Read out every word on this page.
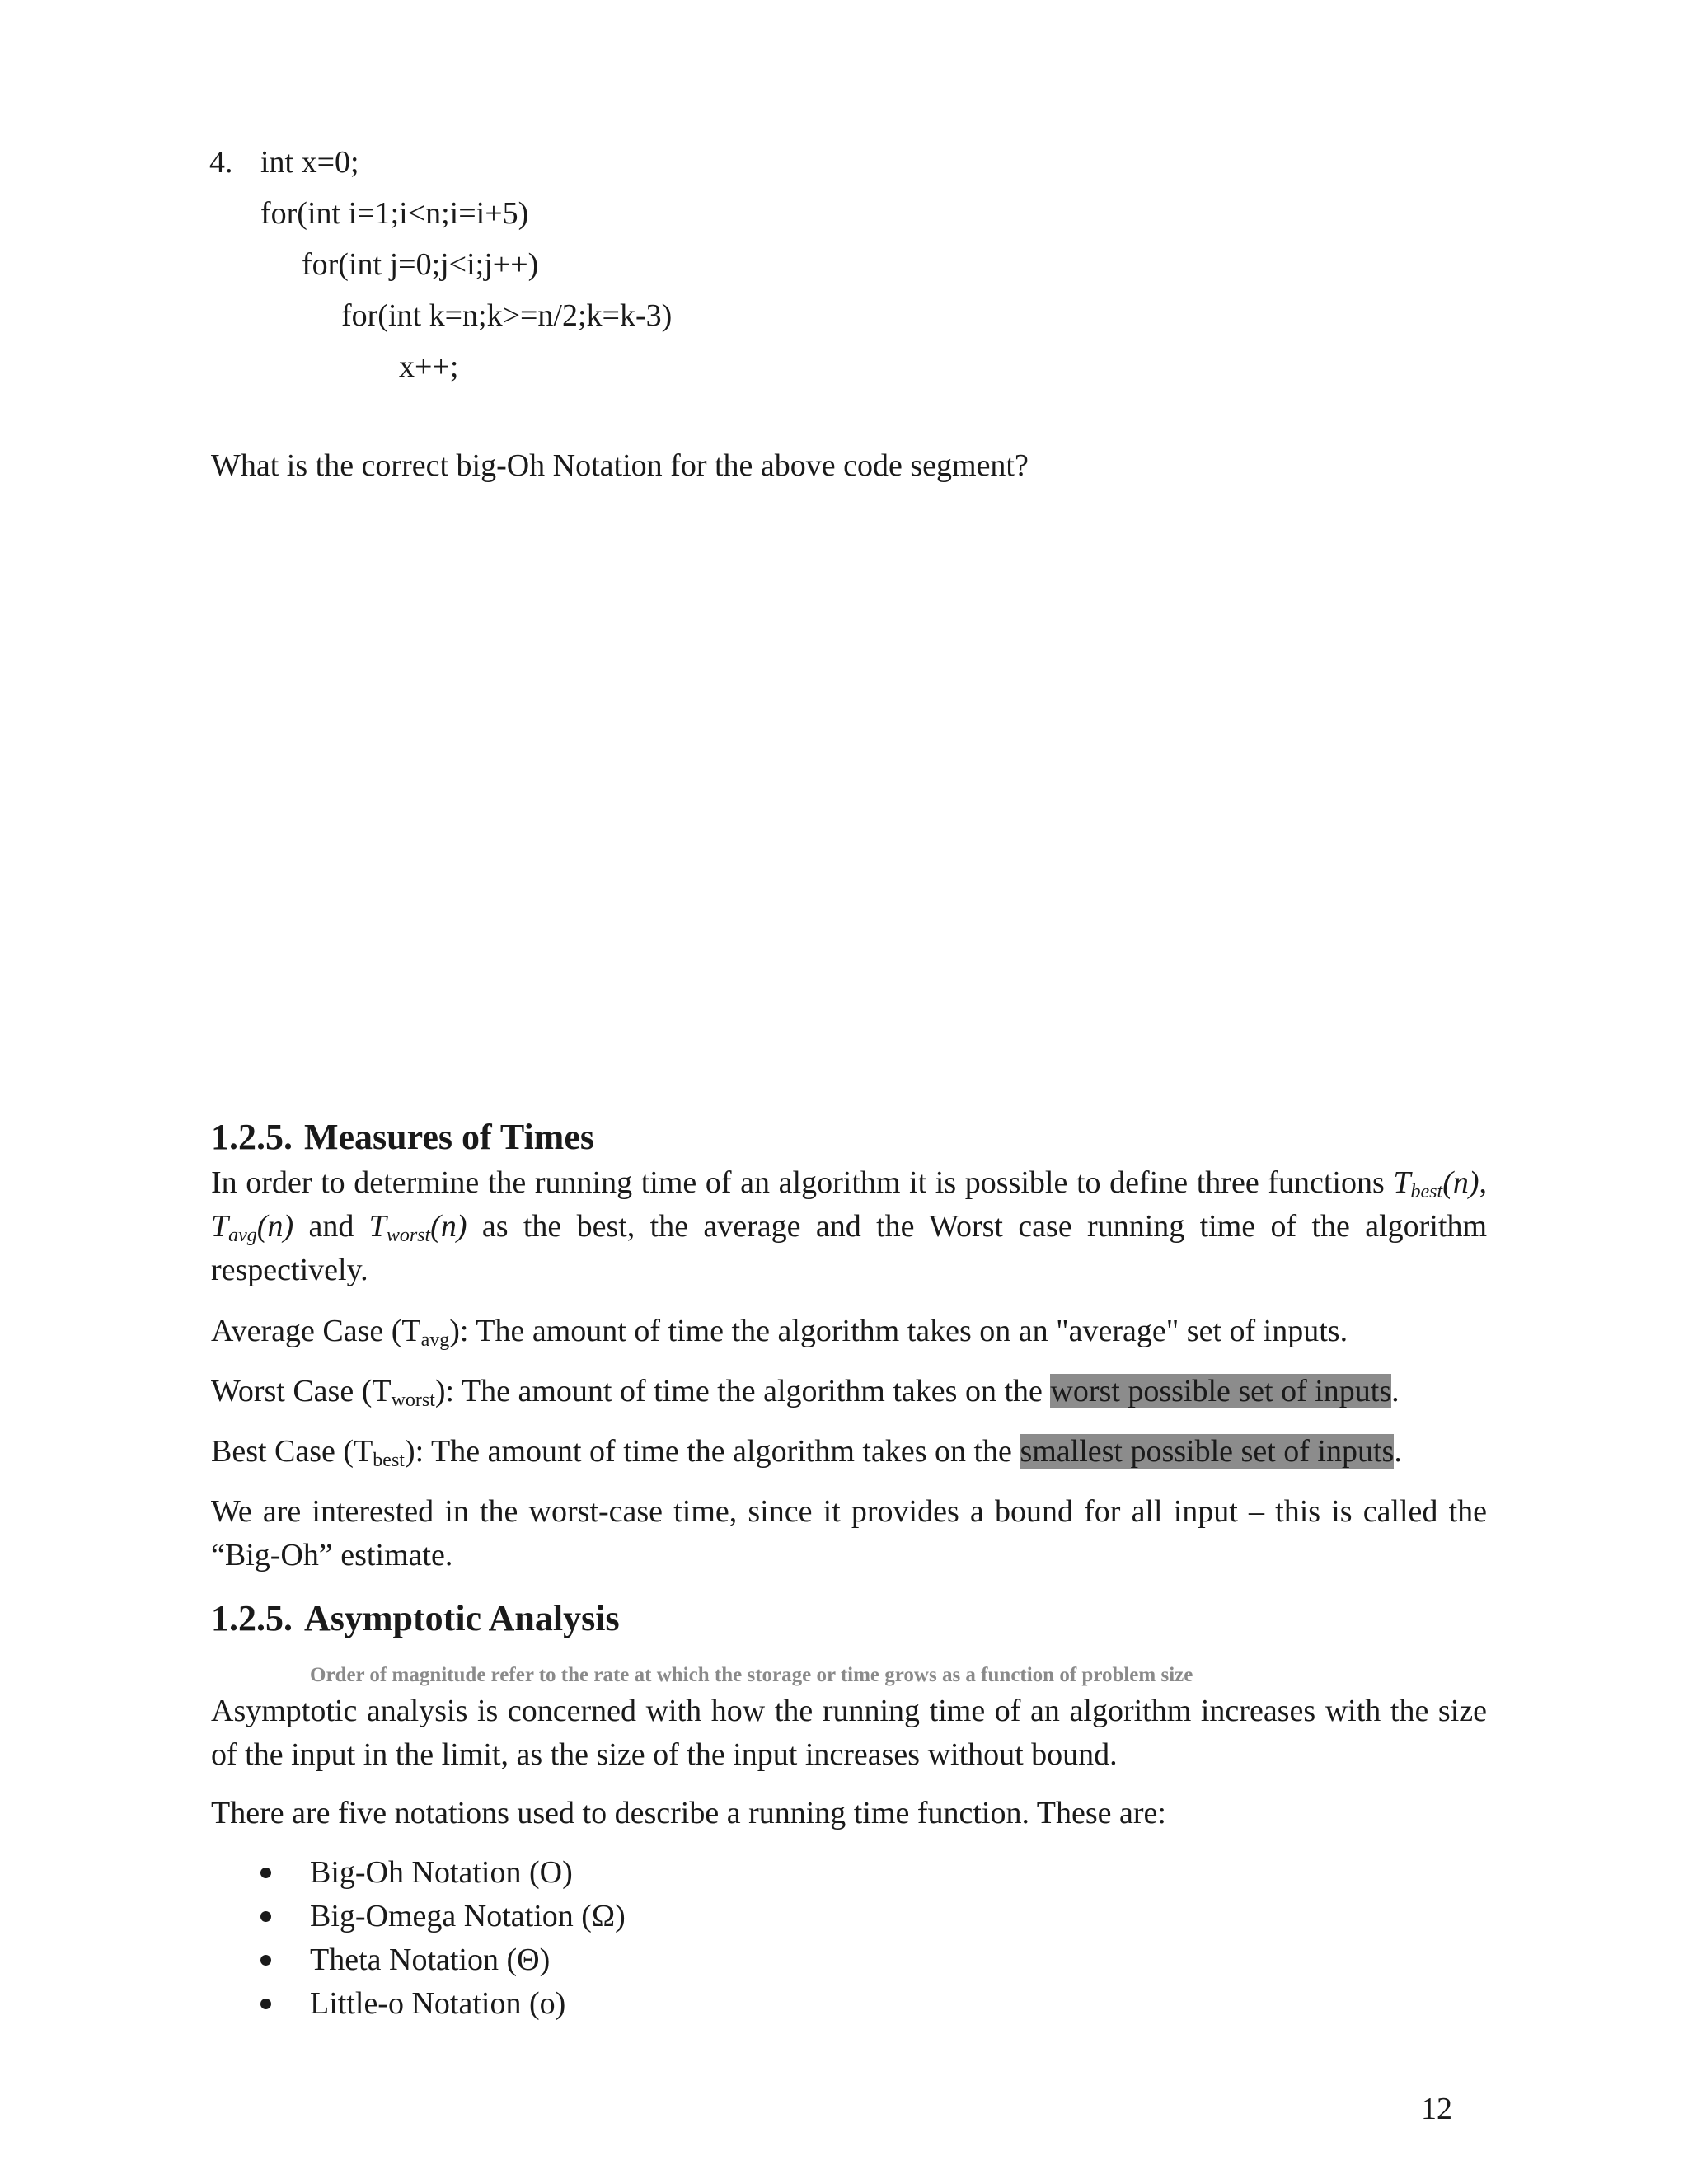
4. int x=0;
for(int i=1;i<n;i=i+5)
for(int j=0;j<i;j++)
for(int k=n;k>=n/2;k=k-3)
x++;
What is the correct big-Oh Notation for the above code segment?
1.2.5. Measures of Times
In order to determine the running time of an algorithm it is possible to define three functions $T_{best}(n)$, $T_{avg}(n)$ and $T_{worst}(n)$ as the best, the average and the Worst case running time of the algorithm respectively.
Average Case $(T_{avg})$: The amount of time the algorithm takes on an "average" set of inputs.
Worst Case $(T_{worst})$: The amount of time the algorithm takes on the worst possible set of inputs.
Best Case $(T_{best})$: The amount of time the algorithm takes on the smallest possible set of inputs.
We are interested in the worst-case time, since it provides a bound for all input – this is called the “Big-Oh” estimate.
1.2.5. Asymptotic Analysis
Order of magnitude refer to the rate at which the storage or time grows as a function of problem size
Asymptotic analysis is concerned with how the running time of an algorithm increases with the size of the input in the limit, as the size of the input increases without bound.
There are five notations used to describe a running time function. These are:
Big-Oh Notation (O)
Big-Omega Notation (Ω)
Theta Notation (Θ)
Little-o Notation (o)
12
